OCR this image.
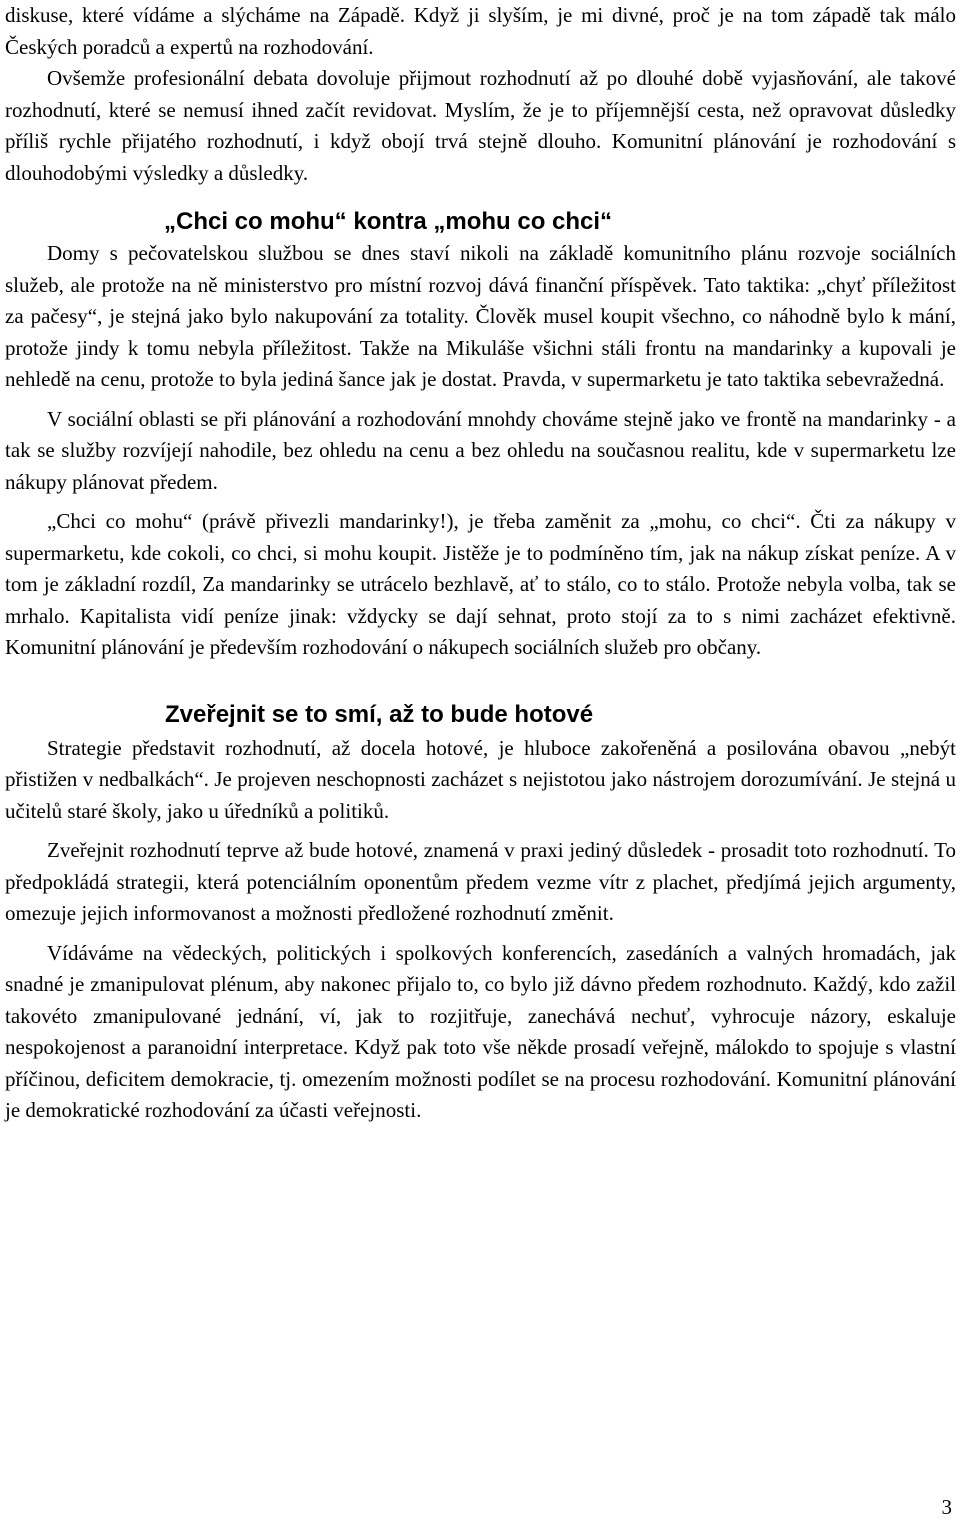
diskuse, které vídáme a slýcháme na Západě. Když ji slyším, je mi divné, proč je na tom západě tak málo Českých poradců a expertů na rozhodování.

Ovšemže profesionální debata dovoluje přijmout rozhodnutí až po dlouhé době vyjasňování, ale takové rozhodnutí, které se nemusí ihned začít revidovat. Myslím, že je to příjemnější cesta, než opravovat důsledky příliš rychle přijatého rozhodnutí, i když obojí trvá stejně dlouho. Komunitní plánování je rozhodování s dlouhodobými výsledky a důsledky.

„Chci co mohu“ kontra „mohu co chci“

Domy s pečovatelskou službou se dnes staví nikoli na základě komunitního plánu rozvoje sociálních služeb, ale protože na ně ministerstvo pro místní rozvoj dává finanční příspěvek. Tato taktika: „chyť příležitost za pačesy“, je stejná jako bylo nakupování za totality. Člověk musel koupit všechno, co náhodně bylo k mání, protože jindy k tomu nebyla příležitost. Takže na Mikuláše všichni stáli frontu na mandarinky a kupovali je nehledě na cenu, protože to byla jediná šance jak je dostat. Pravda, v supermarketu je tato taktika sebevražedná.

V sociální oblasti se při plánování a rozhodování mnohdy chováme stejně jako ve frontě na mandarinky - a tak se služby rozvíjejí nahodile, bez ohledu na cenu a bez ohledu na současnou realitu, kde v supermarketu lze nákupy plánovat předem.

„Chci co mohu“ (právě přivezli mandarinky!), je třeba zaměnit za „mohu, co chci“. Čti za nákupy v supermarketu, kde cokoli, co chci, si mohu koupit. Jistěže je to podmíněno tím, jak na nákup získat peníze. A v tom je základní rozdíl, Za mandarinky se utrácelo bezhlavě, ať to stálo, co to stálo. Protože nebyla volba, tak se mrhalo. Kapitalista vidí peníze jinak: vždycky se dají sehnat, proto stojí za to s nimi zacházet efektivně. Komunitní plánování je především rozhodování o nákupech sociálních služeb pro občany.

Zveřejnit se to smí, až to bude hotové

Strategie představit rozhodnutí, až docela hotové, je hluboce zakořeněná a posilována obavou „nebýt přistižen v nedbalkách“. Je projeven neschopnosti zacházet s nejistotou jako nástrojem dorozumívání. Je stejná u učitelů staré školy, jako u úředníků a politiků.

Zveřejnit rozhodnutí teprve až bude hotové, znamená v praxi jediný důsledek - prosadit toto rozhodnutí. To předpokládá strategii, která potenciálním oponentům předem vezme vítr z plachet, předjímá jejich argumenty, omezuje jejich informovanost a možnosti předložené rozhodnutí změnit.

Vídáváme na vědeckých, politických i spolkových konferencích, zasedáních a valných hromadách, jak snadné je zmanipulovat plénum, aby nakonec přijalo to, co bylo již dávno předem rozhodnuto. Každý, kdo zažil takovéto zmanipulované jednání, ví, jak to rozjitřuje, zanechává nechuť, vyhrocuje názory, eskaluje nespokojenost a paranoidní interpretace. Když pak toto vše někde prosadí veřejně, málokdo to spojuje s vlastní příčinou, deficitem demokracie, tj. omezením možnosti podílet se na procesu rozhodování. Komunitní plánování je demokratické rozhodování za účasti veřejnosti.

3
